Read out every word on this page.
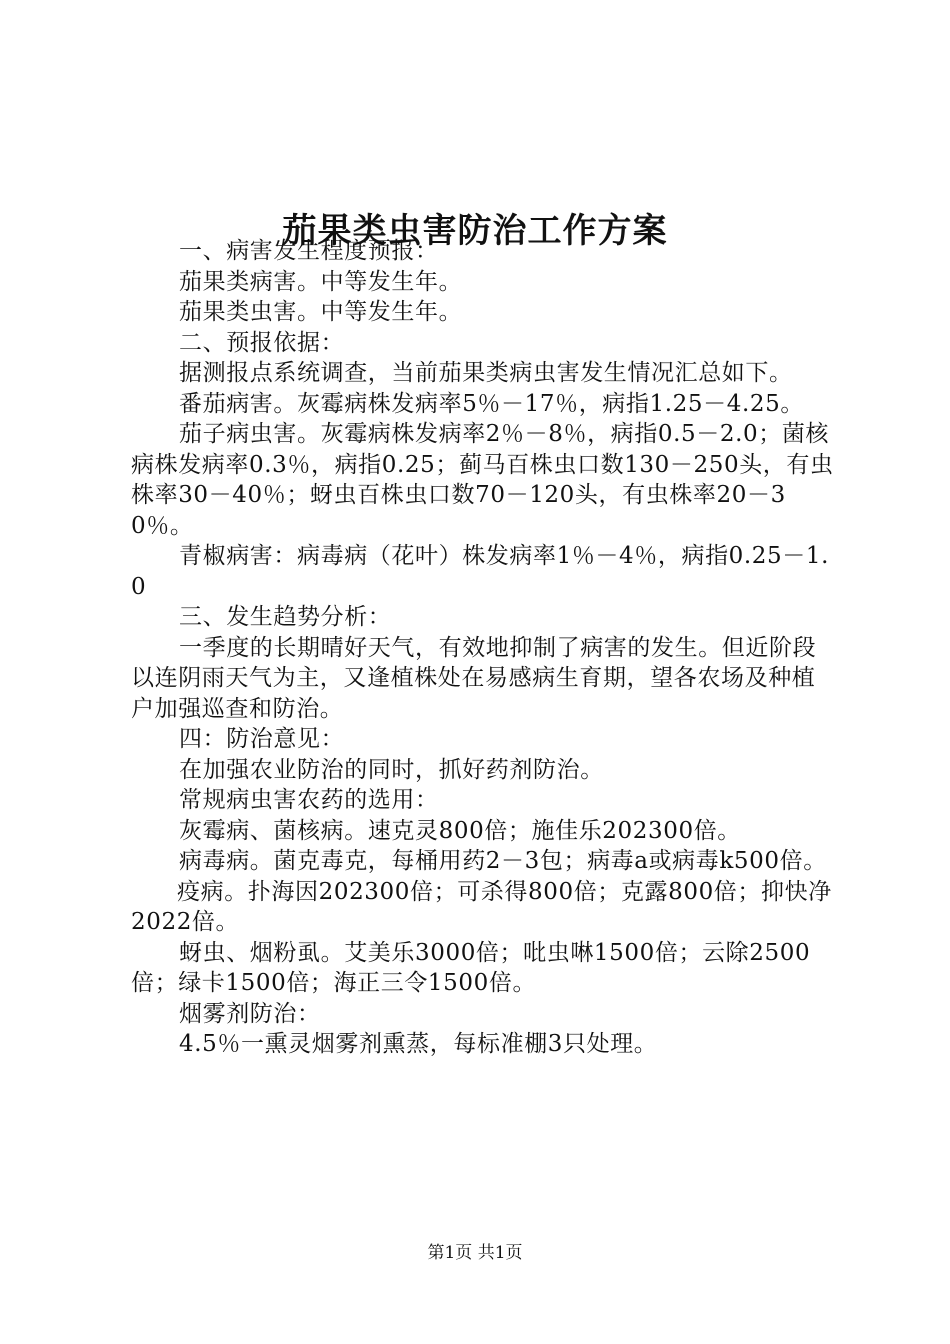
茄果类虫害防治工作方案

一、病害发生程度预报：

茄果类病害。中等发生年。

茄果类虫害。中等发生年。

二、预报依据：

据测报点系统调查，当前茄果类病虫害发生情况汇总如下。

番茄病害。灰霉病株发病率5％－17％，病指1.25－4.25。

茄子病虫害。灰霉病株发病率2％－8％，病指0.5－2.0；菌核病株发病率0.3％，病指0.25；蓟马百株虫口数130－250头，有虫株率30－40％；蚜虫百株虫口数70－120头，有虫株率20－30％。

青椒病害：病毒病（花叶）株发病率1％－4％，病指0.25－1.0

三、发生趋势分析：

一季度的长期晴好天气，有效地抑制了病害的发生。但近阶段以连阴雨天气为主，又逢植株处在易感病生育期，望各农场及种植户加强巡查和防治。

四：防治意见：

在加强农业防治的同时，抓好药剂防治。

常规病虫害农药的选用：

灰霉病、菌核病。速克灵800倍；施佳乐202300倍。

病毒病。菌克毒克，每桶用药2－3包；病毒a或病毒k500倍。

疫病。扑海因202300倍；可杀得800倍；克露800倍；抑快净2022倍。

蚜虫、烟粉虱。艾美乐3000倍；吡虫啉1500倍；云除2500倍；绿卡1500倍；海正三令1500倍。

烟雾剂防治：

4.5％一熏灵烟雾剂熏蒸，每标准棚3只处理。

第1页 共1页
